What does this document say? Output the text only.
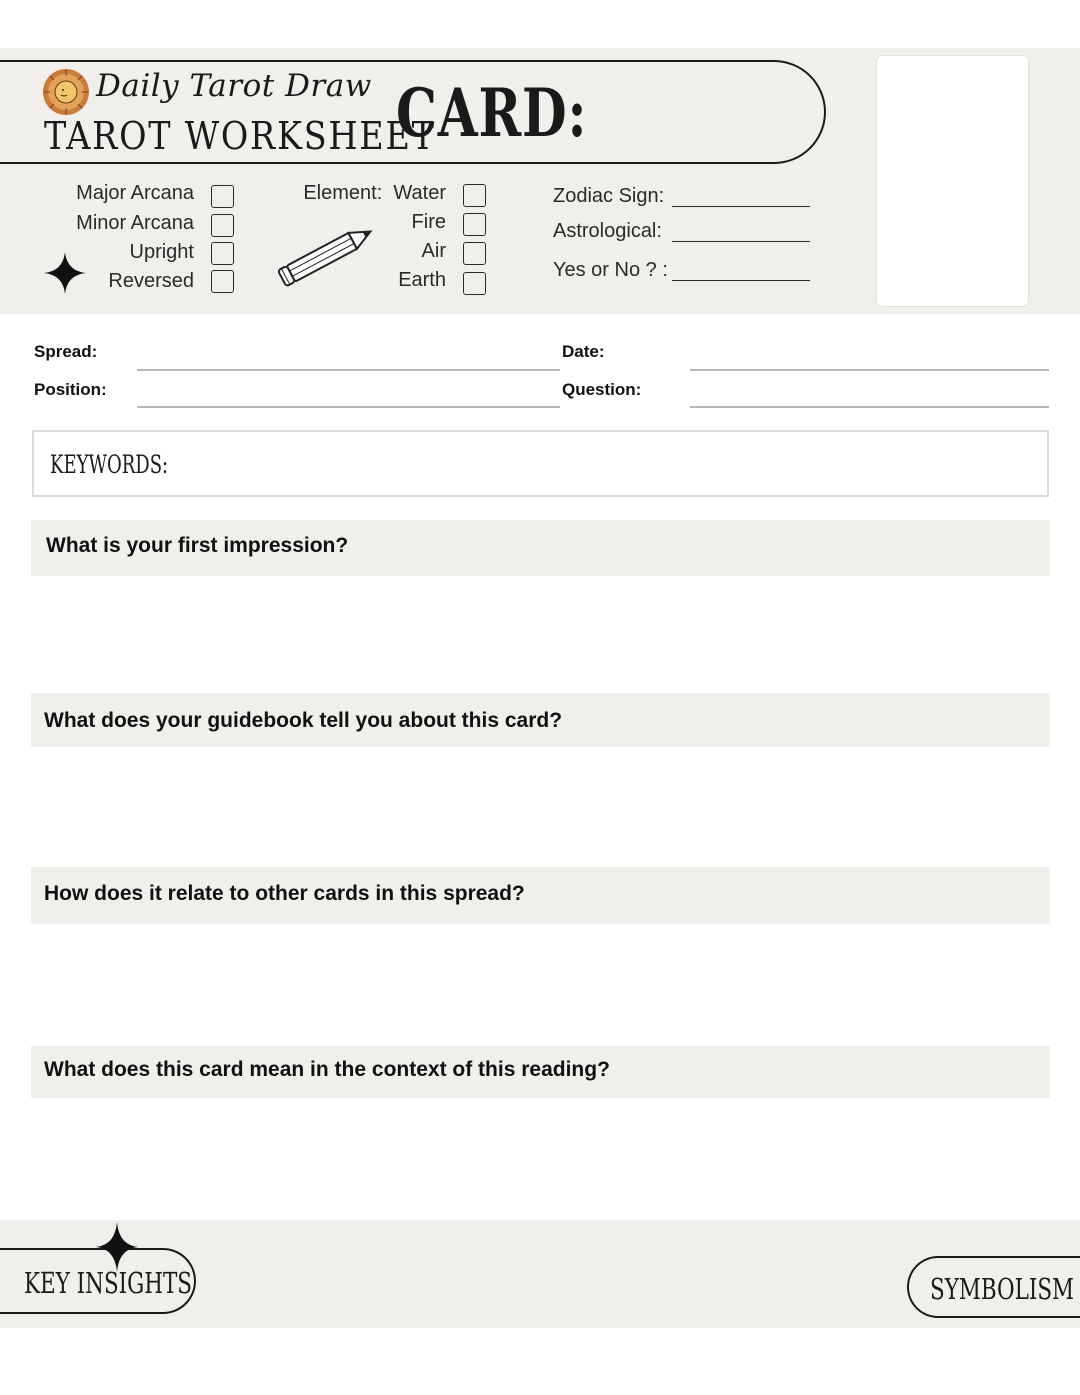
Daily Tarot Draw
TAROT WORKSHEET
CARD:
Major Arcana
Minor Arcana
Upright
Reversed
Element: Water
Fire
Air
Earth
Zodiac Sign:
Astrological:
Yes or No ? :
Spread:
Position:
Date:
Question:
KEYWORDS:
What is your first impression?
What does your guidebook tell you about this card?
How does it relate to other cards in this spread?
What does this card mean in the context of this reading?
KEY INSIGHTS	SYMBOLISM
